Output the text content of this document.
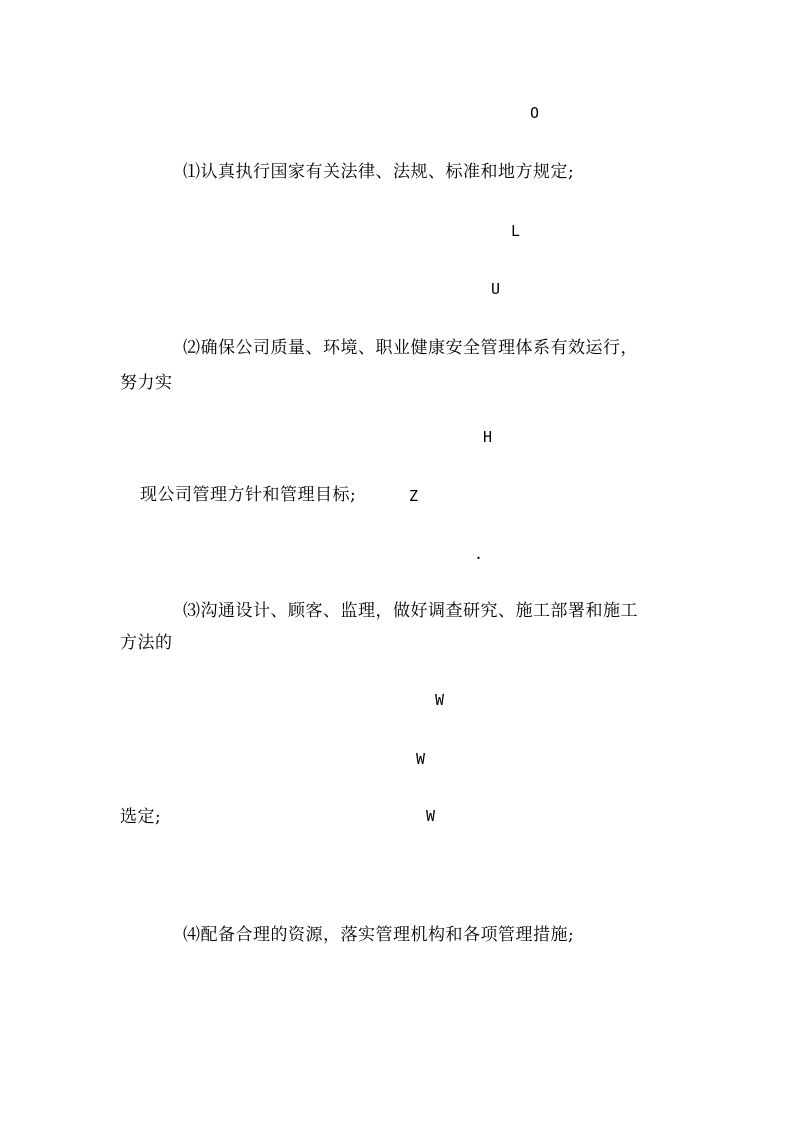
O
⑴认真执行国家有关法律、法规、标准和地方规定;
L
U
⑵确保公司质量、环境、职业健康安全管理体系有效运行，
努力实
H
现公司管理方针和管理目标;	Z
.
⑶沟通设计、顾客、监理，做好调查研究、施工部署和施工
方法的
W
W
选定;	W
⑷配备合理的资源，落实管理机构和各项管理措施;
